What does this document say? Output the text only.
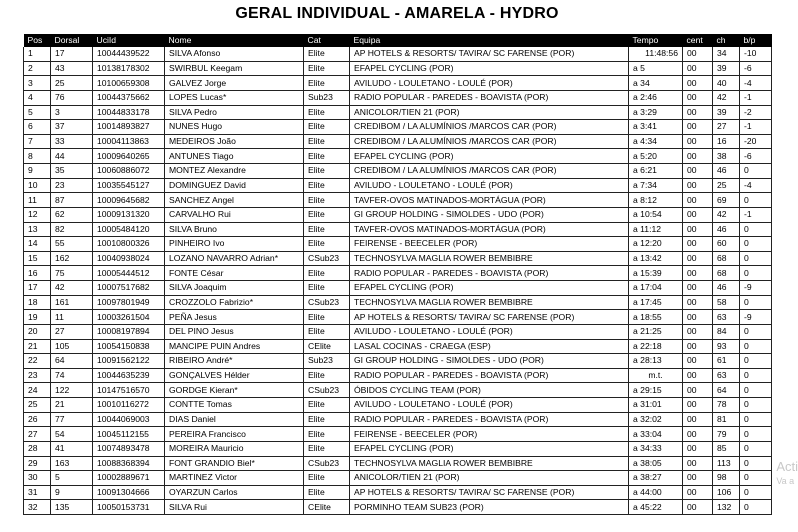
GERAL INDIVIDUAL - AMARELA - HYDRO
Pos	Dorsal	UciId	Nome	Cat	Equipa	Tempo	cent	ch	b/p
1	17	10044439522	SILVA Afonso	Elite	AP HOTELS & RESORTS/ TAVIRA/ SC FARENSE (POR)	11:48:56	00	34	-10
2	43	10138178302	SWIRBUL Keegam	Elite	EFAPEL CYCLING (POR)	a 5	00	39	-6
3	25	10100659308	GALVEZ Jorge	Elite	AVILUDO - LOULETANO - LOULÉ (POR)	a 34	00	40	-4
4	76	10044375662	LOPES Lucas*	Sub23	RADIO POPULAR - PAREDES - BOAVISTA (POR)	a 2:46	00	42	-1
5	3	10044833178	SILVA Pedro	Elite	ANICOLOR/TIEN 21 (POR)	a 3:29	00	39	-2
6	37	10014893827	NUNES Hugo	Elite	CREDIBOM / LA ALUMÍNIOS /MARCOS CAR (POR)	a 3:41	00	27	-1
7	33	10004113863	MEDEIROS João	Elite	CREDIBOM / LA ALUMÍNIOS /MARCOS CAR (POR)	a 4:34	00	16	-20
8	44	10009640265	ANTUNES Tiago	Elite	EFAPEL CYCLING (POR)	a 5:20	00	38	-6
9	35	10060886072	MONTEZ Alexandre	Elite	CREDIBOM / LA ALUMÍNIOS /MARCOS CAR (POR)	a 6:21	00	46	0
10	23	10035545127	DOMINGUEZ David	Elite	AVILUDO - LOULETANO - LOULÉ (POR)	a 7:34	00	25	-4
11	87	10009645682	SANCHEZ Angel	Elite	TAVFER-OVOS MATINADOS-MORTÁGUA (POR)	a 8:12	00	69	0
12	62	10009131320	CARVALHO Rui	Elite	GI GROUP HOLDING - SIMOLDES - UDO (POR)	a 10:54	00	42	-1
13	82	10005484120	SILVA Bruno	Elite	TAVFER-OVOS MATINADOS-MORTÁGUA (POR)	a 11:12	00	46	0
14	55	10010800326	PINHEIRO Ivo	Elite	FEIRENSE - BEECELER (POR)	a 12:20	00	60	0
15	162	10040938024	LOZANO NAVARRO Adrian*	CSub23	TECHNOSYLVA MAGLIA ROWER BEMBIBRE	a 13:42	00	68	0
16	75	10005444512	FONTE César	Elite	RADIO POPULAR - PAREDES - BOAVISTA (POR)	a 15:39	00	68	0
17	42	10007517682	SILVA Joaquim	Elite	EFAPEL CYCLING (POR)	a 17:04	00	46	-9
18	161	10097801949	CROZZOLO Fabrizio*	CSub23	TECHNOSYLVA MAGLIA ROWER BEMBIBRE	a 17:45	00	58	0
19	11	10003261504	PEÑA Jesus	Elite	AP HOTELS & RESORTS/ TAVIRA/ SC FARENSE (POR)	a 18:55	00	63	-9
20	27	10008197894	DEL PINO Jesus	Elite	AVILUDO - LOULETANO - LOULÉ (POR)	a 21:25	00	84	0
21	105	10054150838	MANCIPE PUIN Andres	CElite	LASAL COCINAS - CRAEGA (ESP)	a 22:18	00	93	0
22	64	10091562122	RIBEIRO André*	Sub23	GI GROUP HOLDING - SIMOLDES - UDO (POR)	a 28:13	00	61	0
23	74	10044635239	GONÇALVES Hélder	Elite	RADIO POPULAR - PAREDES - BOAVISTA (POR)	m.t.	00	63	0
24	122	10147516570	GORDGE Kieran*	CSub23	ÓBIDOS CYCLING TEAM (POR)	a 29:15	00	64	0
25	21	10010116272	CONTTE Tomas	Elite	AVILUDO - LOULETANO - LOULÉ (POR)	a 31:01	00	78	0
26	77	10044069003	DIAS Daniel	Elite	RADIO POPULAR - PAREDES - BOAVISTA (POR)	a 32:02	00	81	0
27	54	10045112155	PEREIRA Francisco	Elite	FEIRENSE - BEECELER (POR)	a 33:04	00	79	0
28	41	10074893478	MOREIRA Mauricio	Elite	EFAPEL CYCLING (POR)	a 34:33	00	85	0
29	163	10088368394	FONT GRANDIO Biel*	CSub23	TECHNOSYLVA MAGLIA ROWER BEMBIBRE	a 38:05	00	113	0
30	5	10002889671	MARTINEZ Victor	Elite	ANICOLOR/TIEN 21 (POR)	a 38:27	00	98	0
31	9	10091304666	OYARZUN Carlos	Elite	AP HOTELS & RESORTS/ TAVIRA/ SC FARENSE (POR)	a 44:00	00	106	0
32	135	10050153731	SILVA Rui	CElite	PORMINHO TEAM SUB23 (POR)	a 45:22	00	132	0
Acti
Va a
